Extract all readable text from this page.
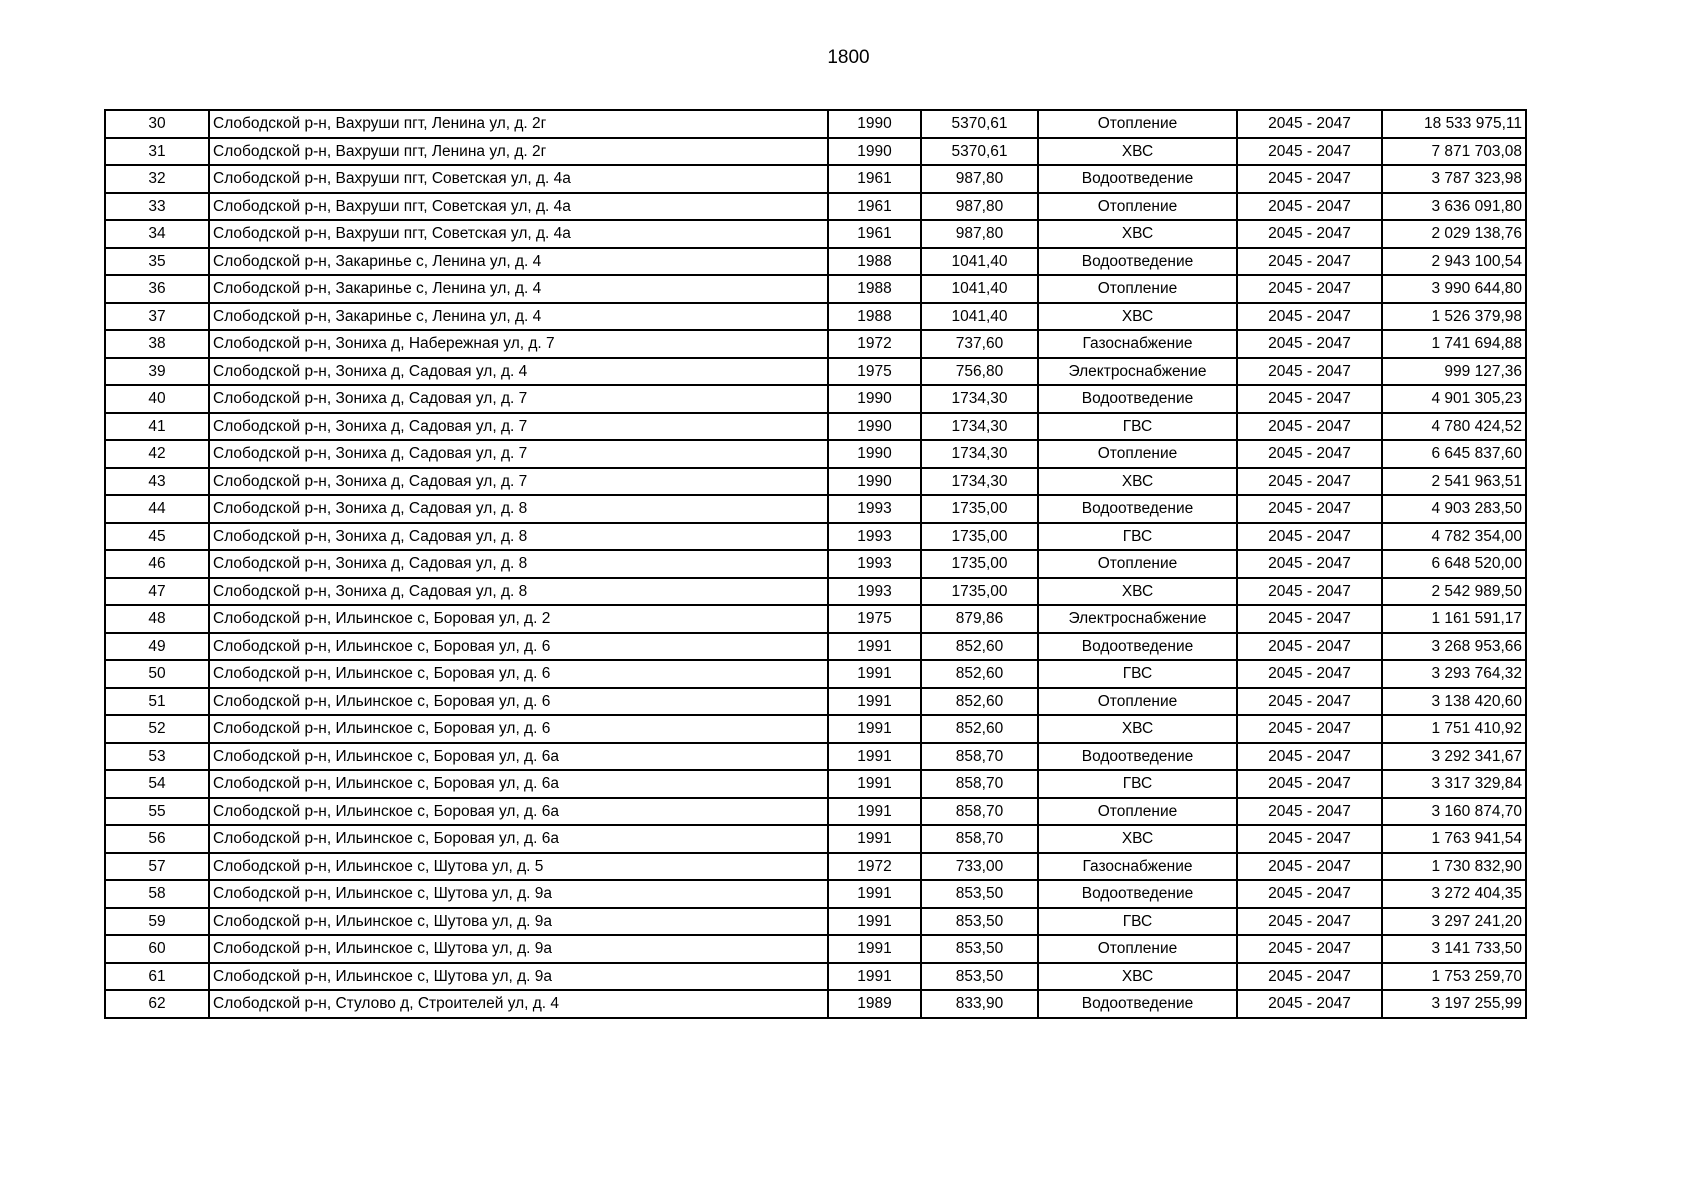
1800
30	Слободской р-н, Вахруши пгт, Ленина ул, д. 2г	1990	5370,61	Отопление	2045 - 2047	18 533 975,11
31	Слободской р-н, Вахруши пгт, Ленина ул, д. 2г	1990	5370,61	ХВС	2045 - 2047	7 871 703,08
32	Слободской р-н, Вахруши пгт, Советская ул, д. 4а	1961	987,80	Водоотведение	2045 - 2047	3 787 323,98
33	Слободской р-н, Вахруши пгт, Советская ул, д. 4а	1961	987,80	Отопление	2045 - 2047	3 636 091,80
34	Слободской р-н, Вахруши пгт, Советская ул, д. 4а	1961	987,80	ХВС	2045 - 2047	2 029 138,76
35	Слободской р-н, Закаринье с, Ленина ул, д. 4	1988	1041,40	Водоотведение	2045 - 2047	2 943 100,54
36	Слободской р-н, Закаринье с, Ленина ул, д. 4	1988	1041,40	Отопление	2045 - 2047	3 990 644,80
37	Слободской р-н, Закаринье с, Ленина ул, д. 4	1988	1041,40	ХВС	2045 - 2047	1 526 379,98
38	Слободской р-н, Зониха д, Набережная ул, д. 7	1972	737,60	Газоснабжение	2045 - 2047	1 741 694,88
39	Слободской р-н, Зониха д, Садовая ул, д. 4	1975	756,80	Электроснабжение	2045 - 2047	999 127,36
40	Слободской р-н, Зониха д, Садовая ул, д. 7	1990	1734,30	Водоотведение	2045 - 2047	4 901 305,23
41	Слободской р-н, Зониха д, Садовая ул, д. 7	1990	1734,30	ГВС	2045 - 2047	4 780 424,52
42	Слободской р-н, Зониха д, Садовая ул, д. 7	1990	1734,30	Отопление	2045 - 2047	6 645 837,60
43	Слободской р-н, Зониха д, Садовая ул, д. 7	1990	1734,30	ХВС	2045 - 2047	2 541 963,51
44	Слободской р-н, Зониха д, Садовая ул, д. 8	1993	1735,00	Водоотведение	2045 - 2047	4 903 283,50
45	Слободской р-н, Зониха д, Садовая ул, д. 8	1993	1735,00	ГВС	2045 - 2047	4 782 354,00
46	Слободской р-н, Зониха д, Садовая ул, д. 8	1993	1735,00	Отопление	2045 - 2047	6 648 520,00
47	Слободской р-н, Зониха д, Садовая ул, д. 8	1993	1735,00	ХВС	2045 - 2047	2 542 989,50
48	Слободской р-н, Ильинское с, Боровая ул, д. 2	1975	879,86	Электроснабжение	2045 - 2047	1 161 591,17
49	Слободской р-н, Ильинское с, Боровая ул, д. 6	1991	852,60	Водоотведение	2045 - 2047	3 268 953,66
50	Слободской р-н, Ильинское с, Боровая ул, д. 6	1991	852,60	ГВС	2045 - 2047	3 293 764,32
51	Слободской р-н, Ильинское с, Боровая ул, д. 6	1991	852,60	Отопление	2045 - 2047	3 138 420,60
52	Слободской р-н, Ильинское с, Боровая ул, д. 6	1991	852,60	ХВС	2045 - 2047	1 751 410,92
53	Слободской р-н, Ильинское с, Боровая ул, д. 6а	1991	858,70	Водоотведение	2045 - 2047	3 292 341,67
54	Слободской р-н, Ильинское с, Боровая ул, д. 6а	1991	858,70	ГВС	2045 - 2047	3 317 329,84
55	Слободской р-н, Ильинское с, Боровая ул, д. 6а	1991	858,70	Отопление	2045 - 2047	3 160 874,70
56	Слободской р-н, Ильинское с, Боровая ул, д. 6а	1991	858,70	ХВС	2045 - 2047	1 763 941,54
57	Слободской р-н, Ильинское с, Шутова ул, д. 5	1972	733,00	Газоснабжение	2045 - 2047	1 730 832,90
58	Слободской р-н, Ильинское с, Шутова ул, д. 9а	1991	853,50	Водоотведение	2045 - 2047	3 272 404,35
59	Слободской р-н, Ильинское с, Шутова ул, д. 9а	1991	853,50	ГВС	2045 - 2047	3 297 241,20
60	Слободской р-н, Ильинское с, Шутова ул, д. 9а	1991	853,50	Отопление	2045 - 2047	3 141 733,50
61	Слободской р-н, Ильинское с, Шутова ул, д. 9а	1991	853,50	ХВС	2045 - 2047	1 753 259,70
62	Слободской р-н, Стулово д, Строителей ул, д. 4	1989	833,90	Водоотведение	2045 - 2047	3 197 255,99
